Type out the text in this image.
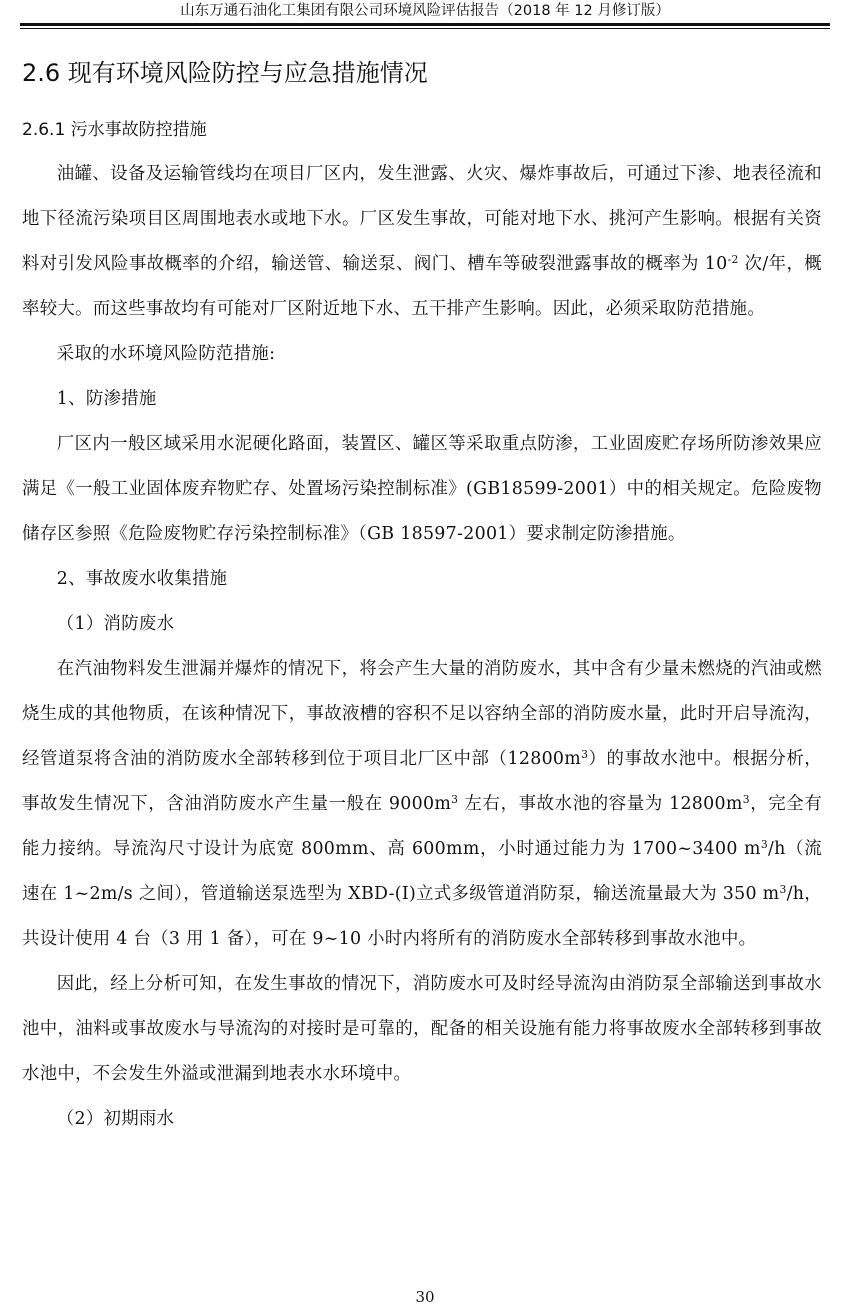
山东万通石油化工集团有限公司环境风险评估报告（2018 年 12 月修订版）
2.6 现有环境风险防控与应急措施情况
2.6.1 污水事故防控措施

油罐、设备及运输管线均在项目厂区内，发生泄露、火灾、爆炸事故后，可通过下渗、地表径流和地下径流污染项目区周围地表水或地下水。厂区发生事故，可能对地下水、挑河产生影响。根据有关资料对引发风险事故概率的介绍，输送管、输送泵、阀门、槽车等破裂泄露事故的概率为 $10^{-2}$ 次/年，概率较大。而这些事故均有可能对厂区附近地下水、五干排产生影响。因此，必须采取防范措施。

采取的水环境风险防范措施:

1、防渗措施

厂区内一般区域采用水泥硬化路面，装置区、罐区等采取重点防渗，工业固废贮存场所防渗效果应满足《一般工业固体废弃物贮存、处置场污染控制标准》(GB18599-2001）中的相关规定。危险废物储存区参照《危险废物贮存污染控制标准》（GB 18597-2001）要求制定防渗措施。

2、事故废水收集措施

（1）消防废水

在汽油物料发生泄漏并爆炸的情况下，将会产生大量的消防废水，其中含有少量未燃烧的汽油或燃烧生成的其他物质，在该种情况下，事故液槽的容积不足以容纳全部的消防废水量，此时开启导流沟，经管道泵将含油的消防废水全部转移到位于项目北厂区中部$(12800m^3)$的事故水池中。根据分析，事故发生情况下，含油消防废水产生量一般在 $9000m^3$ 左右，事故水池的容量为 $12800m^3$，完全有能力接纳。导流沟尺寸设计为底宽 800mm、高 600mm，小时通过能力为 1700~3400 $m^3/h$（流速在 1~2m/s 之间），管道输送泵选型为 XBD-(I)立式多级管道消防泵，输送流量最大为 350 $m^3/h$，共设计使用 4 台（3 用 1 备），可在 9~10 小时内将所有的消防废水全部转移到事故水池中。

因此，经上分析可知，在发生事故的情况下，消防废水可及时经导流沟由消防泵全部输送到事故水池中，油料或事故废水与导流沟的对接时是可靠的，配备的相关设施有能力将事故废水全部转移到事故水池中，不会发生外溢或泄漏到地表水水环境中。

（2）初期雨水

30
